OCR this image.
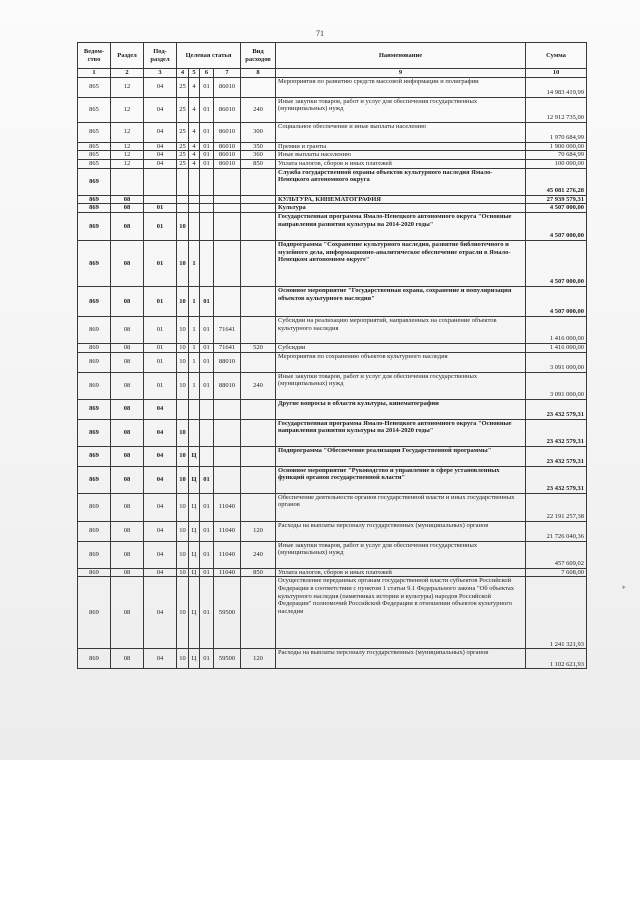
71
Ведом-ство	Раздел	Под-раздел	Целевая статья				Вид расходов	Наименование	Сумма
1	2	3	4	5	6	7	8	9	10
865	12	04	25	4	01	86010		Мероприятия по развитию средств массовой информации и полиграфии	14 983 419,99
865	12	04	25	4	01	86010	240	Иные закупки товаров, работ и услуг для обеспечения государственных (муниципальных) нужд	12 912 735,00
865	12	04	25	4	01	86010	300	Социальное обеспечение и иные выплаты населению	1 970 684,99
865	12	04	25	4	01	86010	350	Премии и гранты	1 900 000,00
865	12	04	25	4	01	86010	360	Иные выплаты населению	70 684,99
865	12	04	25	4	01	86010	850	Уплата налогов, сборов и иных платежей	100 000,00
869								Служба государственной охраны объектов культурного наследия Ямало-Ненецкого автономного округа	45 081 276,28
869	08							КУЛЬТУРА, КИНЕМАТОГРАФИЯ	27 939 579,31
869	08	01						Культура	4 507 000,00
869	08	01	10					Государственная программа Ямало-Ненецкого автономного округа "Основные направления развития культуры на 2014-2020 годы"	4 507 000,00
869	08	01	10	1				Подпрограмма "Сохранение культурного наследия, развитие библиотечного и музейного дела, информационно-аналитическое обеспечение отрасли в Ямало-Ненецком автономном округе"	4 507 000,00
869	08	01	10	1	01			Основное мероприятие "Государственная охрана, сохранение и популяризация объектов культурного наследия"	4 507 000,00
869	08	01	10	1	01	71641		Субсидии на реализацию мероприятий, направленных на сохранение объектов культурного наследия	1 416 000,00
869	08	01	10	1	01	71641	520	Субсидии	1 416 000,00
869	08	01	10	1	01	88010		Мероприятия по сохранению объектов культурного наследия	3 091 000,00
869	08	01	10	1	01	88010	240	Иные закупки товаров, работ и услуг для обеспечения государственных (муниципальных) нужд	3 091 000,00
869	08	04						Другие вопросы в области культуры, кинематографии	23 432 579,31
869	08	04	10					Государственная программа Ямало-Ненецкого автономного округа "Основные направления развития культуры на 2014-2020 годы"	23 432 579,31
869	08	04	10	Ц				Подпрограмма "Обеспечение реализации Государственной программы"	23 432 579,31
869	08	04	10	Ц	01			Основное мероприятие "Руководство и управление в сфере установленных функций органов государственной власти"	23 432 579,31
869	08	04	10	Ц	01	11040		Обеспечение деятельности органов государственной власти и иных государственных органов	22 191 257,38
869	08	04	10	Ц	01	11040	120	Расходы на выплаты персоналу государственных (муниципальных) органов	21 726 040,36
869	08	04	10	Ц	01	11040	240	Иные закупки товаров, работ и услуг для обеспечения государственных (муниципальных) нужд	457 609,02
869	08	04	10	Ц	01	11040	850	Уплата налогов, сборов и иных платежей	7 608,00
869	08	04	10	Ц	01	59500		Осуществление переданных органам государственной власти субъектов Российской Федерации в соответствии с пунктом 1 статьи 9.1 Федерального закона "Об объектах культурного наследия (памятниках истории и культуры) народов Российской Федерации" полномочий Российской Федерации в отношении объектов культурного наследия	1 241 321,93
869	08	04	10	Ц	01	59500	120	Расходы на выплаты персоналу государственных (муниципальных) органов	1 102 621,93
⁎
